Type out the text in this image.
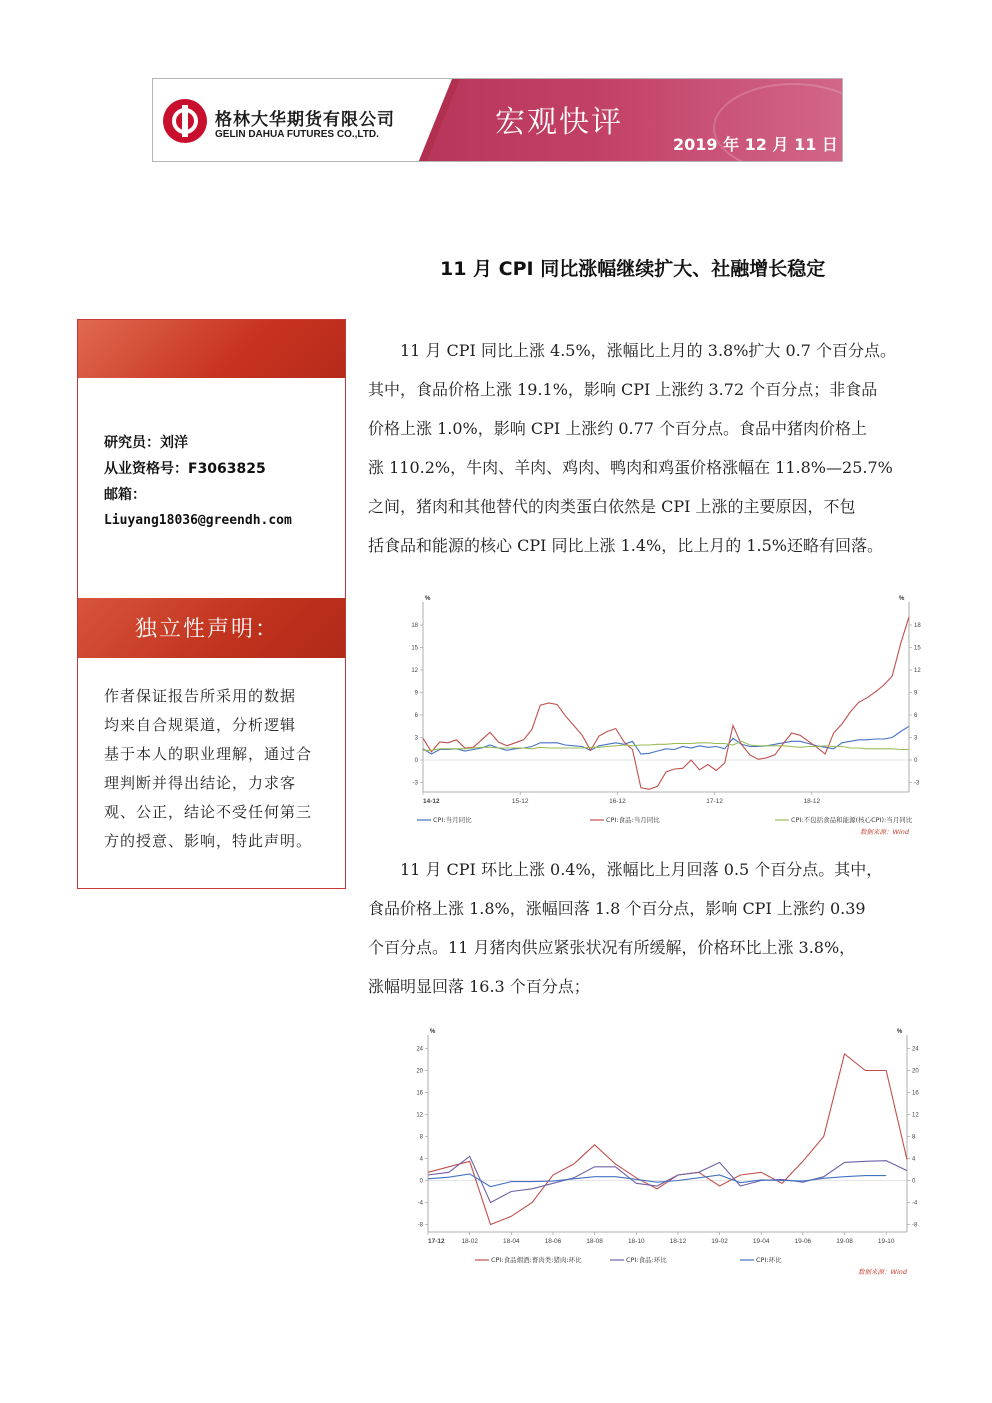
格林大华期货有限公司
GELIN DAHUA FUTURES CO.,LTD.	宏观快评
2019 年 12 月 11 日
11 月 CPI 同比涨幅继续扩大、社融增长稳定
研究员：刘洋
从业资格号：F3063825
邮箱：
Liuyang18036@greendh.com
独立性声明：
作者保证报告所采用的数据
均来自合规渠道，分析逻辑
基于本人的职业理解，通过合
理判断并得出结论，力求客
观、公正，结论不受任何第三
方的授意、影响，特此声明。
　　11 月 CPI 同比上涨 4.5%，涨幅比上月的 3.8%扩大 0.7 个百分点。
其中，食品价格上涨 19.1%，影响 CPI 上涨约 3.72 个百分点；非食品
价格上涨 1.0%，影响 CPI 上涨约 0.77 个百分点。食品中猪肉价格上
涨 110.2%，牛肉、羊肉、鸡肉、鸭肉和鸡蛋价格涨幅在 11.8%—25.7%
之间，猪肉和其他替代的肉类蛋白依然是 CPI 上涨的主要原因，不包
括食品和能源的核心 CPI 同比上涨 1.4%，比上月的 1.5%还略有回落。
%	%
-3	-3
0	0
3	3
6	6
9	9
12	12
15	15
18	18
14-12	15-12	16-12	17-12	18-12
CPI:当月同比	CPI:食品:当月同比	CPI:不包括食品和能源(核心CPI):当月同比
数据来源：Wind
　　11 月 CPI 环比上涨 0.4%，涨幅比上月回落 0.5 个百分点。其中，
食品价格上涨 1.8%，涨幅回落 1.8 个百分点，影响 CPI 上涨约 0.39
个百分点。11 月猪肉供应紧张状况有所缓解，价格环比上涨 3.8%，
涨幅明显回落 16.3 个百分点；
%	%
-8	-8
-4	-4
0	0
4	4
8	8
12	12
16	16
20	20
24	24
17-12	18-02	18-04	18-06	18-08	18-10	18-12	19-02	19-04	19-06	19-08	19-10
CPI:食品烟酒:畜肉类:猪肉:环比	CPI:食品:环比	CPI:环比
数据来源：Wind
